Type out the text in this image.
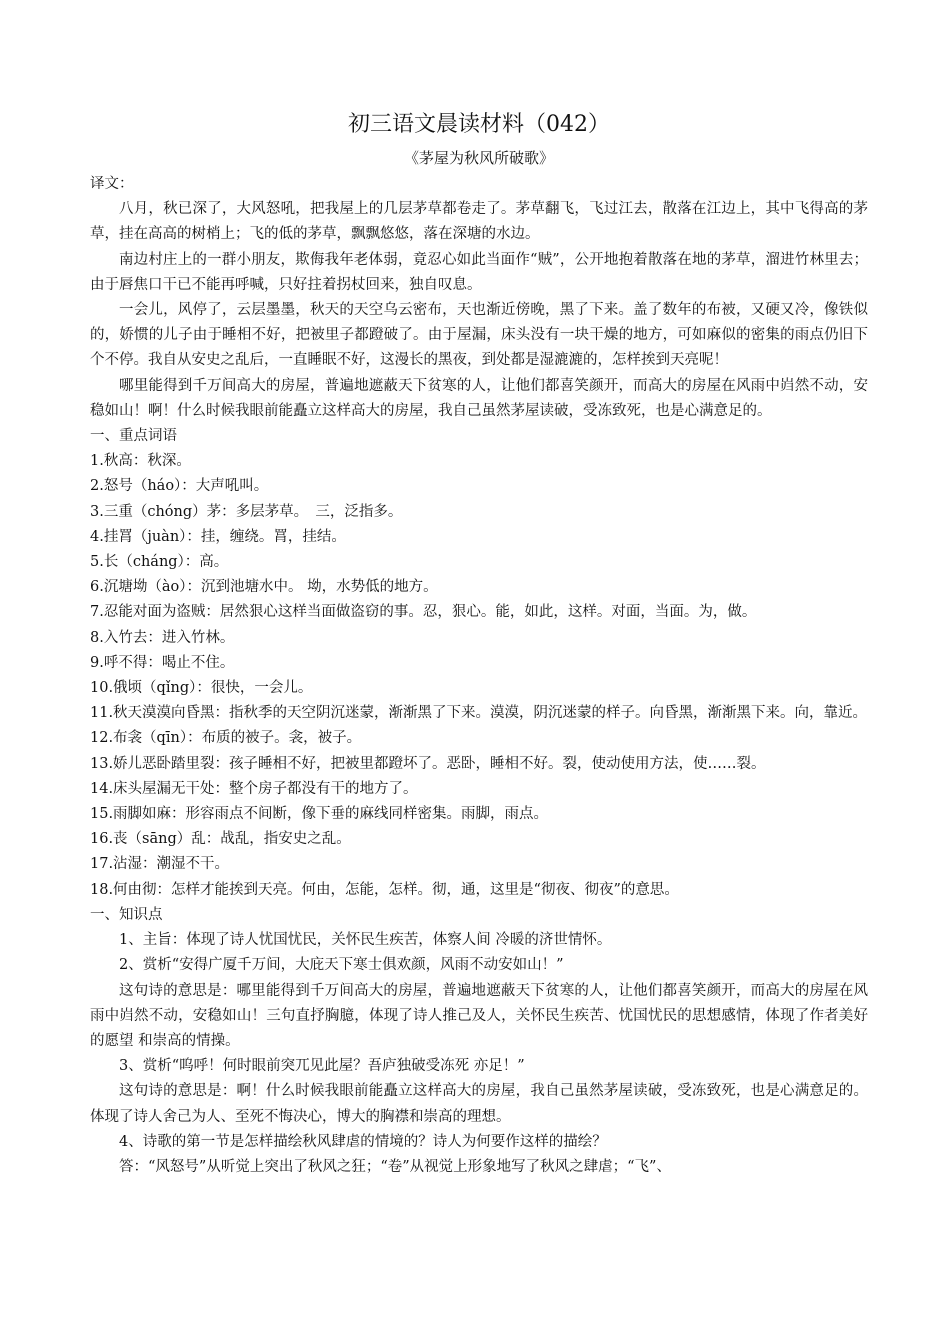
初三语文晨读材料（042）

《茅屋为秋风所破歌》

译文：

八月，秋已深了，大风怒吼，把我屋上的几层茅草都卷走了。茅草翻飞，飞过江去，散落在江边上，其中飞得高的茅草，挂在高高的树梢上；飞的低的茅草，飘飘悠悠，落在深塘的水边。

南边村庄上的一群小朋友，欺侮我年老体弱，竟忍心如此当面作“贼”，公开地抱着散落在地的茅草，溜进竹林里去；由于唇焦口干已不能再呼喊，只好拄着拐杖回来，独自叹息。

一会儿，风停了，云层墨墨，秋天的天空乌云密布，天也渐近傍晚，黑了下来。盖了数年的布被，又硬又冷，像铁似的，娇惯的儿子由于睡相不好，把被里子都蹬破了。由于屋漏，床头没有一块干燥的地方，可如麻似的密集的雨点仍旧下个不停。我自从安史之乱后，一直睡眠不好，这漫长的黑夜，到处都是湿漉漉的，怎样挨到天亮呢！

哪里能得到千万间高大的房屋，普遍地遮蔽天下贫寒的人，让他们都喜笑颜开，而高大的房屋在风雨中岿然不动，安稳如山！啊！什么时候我眼前能矗立这样高大的房屋，我自己虽然茅屋读破，受冻致死，也是心满意足的。

一、重点词语

1.秋高：秋深。

2.怒号（háo）：大声吼叫。

3.三重（chóng）茅：多层茅草。　三，泛指多。

4.挂罥（juàn）：挂，缠绕。罥，挂结。

5.长（cháng）：高。

6.沉塘坳（ào）：沉到池塘水中。 坳，水势低的地方。

7.忍能对面为盗贼：居然狠心这样当面做盗窃的事。忍，狠心。能，如此，这样。对面，当面。为，做。

8.入竹去：进入竹林。

9.呼不得：喝止不住。

10.俄顷（qǐng）：很快，一会儿。

11.秋天漠漠向昏黑：指秋季的天空阴沉迷蒙，渐渐黑了下来。漠漠，阴沉迷蒙的样子。向昏黑，渐渐黑下来。向，靠近。

12.布衾（qīn）：布质的被子。衾，被子。

13.娇儿恶卧踏里裂：孩子睡相不好，把被里都蹬坏了。恶卧，睡相不好。裂，使动使用方法，使……裂。

14.床头屋漏无干处：整个房子都没有干的地方了。

15.雨脚如麻：形容雨点不间断，像下垂的麻线同样密集。雨脚，雨点。

16.丧（sāng）乱：战乱，指安史之乱。

17.沾湿：潮湿不干。

18.何由彻：怎样才能挨到天亮。何由，怎能，怎样。彻，通，这里是“彻夜、彻夜”的意思。

一、知识点

1、主旨：体现了诗人忧国忧民，关怀民生疾苦，体察人间 冷暖的济世情怀。

2、赏析“安得广厦千万间，大庇天下寒士俱欢颜，风雨不动安如山！”

这句诗的意思是：哪里能得到千万间高大的房屋，普遍地遮蔽天下贫寒的人，让他们都喜笑颜开，而高大的房屋在风雨中岿然不动，安稳如山！三句直抒胸臆，体现了诗人推己及人，关怀民生疾苦、忧国忧民的思想感情，体现了作者美好的愿望 和崇高的情操。

3、赏析“呜呼！何时眼前突兀见此屋？吾庐独破受冻死 亦足！”

这句诗的意思是：啊！什么时候我眼前能矗立这样高大的房屋，我自己虽然茅屋读破，受冻致死，也是心满意足的。体现了诗人舍己为人、至死不悔决心，博大的胸襟和崇高的理想。

4、诗歌的第一节是怎样描绘秋风肆虐的情境的？诗人为何要作这样的描绘？

答：“风怒号”从听觉上突出了秋风之狂；“卷”从视觉上形象地写了秋风之肆虐；“飞”、
